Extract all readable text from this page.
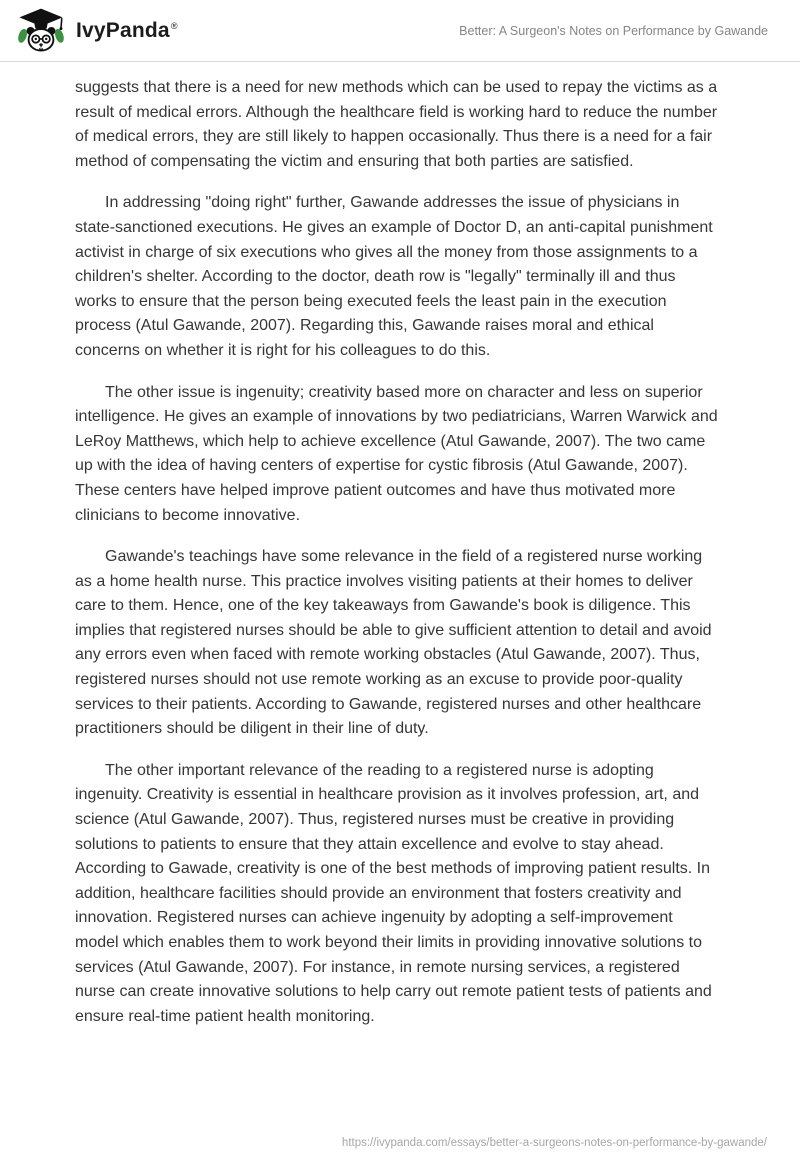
IvyPanda®	Better: A Surgeon's Notes on Performance by Gawande

suggests that there is a need for new methods which can be used to repay the victims as a result of medical errors. Although the healthcare field is working hard to reduce the number of medical errors, they are still likely to happen occasionally. Thus there is a need for a fair method of compensating the victim and ensuring that both parties are satisfied.

In addressing "doing right" further, Gawande addresses the issue of physicians in state-sanctioned executions. He gives an example of Doctor D, an anti-capital punishment activist in charge of six executions who gives all the money from those assignments to a children's shelter. According to the doctor, death row is "legally" terminally ill and thus works to ensure that the person being executed feels the least pain in the execution process (Atul Gawande, 2007). Regarding this, Gawande raises moral and ethical concerns on whether it is right for his colleagues to do this.

The other issue is ingenuity; creativity based more on character and less on superior intelligence. He gives an example of innovations by two pediatricians, Warren Warwick and LeRoy Matthews, which help to achieve excellence (Atul Gawande, 2007). The two came up with the idea of having centers of expertise for cystic fibrosis (Atul Gawande, 2007). These centers have helped improve patient outcomes and have thus motivated more clinicians to become innovative.

Gawande's teachings have some relevance in the field of a registered nurse working as a home health nurse. This practice involves visiting patients at their homes to deliver care to them. Hence, one of the key takeaways from Gawande's book is diligence. This implies that registered nurses should be able to give sufficient attention to detail and avoid any errors even when faced with remote working obstacles (Atul Gawande, 2007). Thus, registered nurses should not use remote working as an excuse to provide poor-quality services to their patients. According to Gawande, registered nurses and other healthcare practitioners should be diligent in their line of duty.

The other important relevance of the reading to a registered nurse is adopting ingenuity. Creativity is essential in healthcare provision as it involves profession, art, and science (Atul Gawande, 2007). Thus, registered nurses must be creative in providing solutions to patients to ensure that they attain excellence and evolve to stay ahead. According to Gawade, creativity is one of the best methods of improving patient results. In addition, healthcare facilities should provide an environment that fosters creativity and innovation. Registered nurses can achieve ingenuity by adopting a self-improvement model which enables them to work beyond their limits in providing innovative solutions to services (Atul Gawande, 2007). For instance, in remote nursing services, a registered nurse can create innovative solutions to help carry out remote patient tests of patients and ensure real-time patient health monitoring.

https://ivypanda.com/essays/better-a-surgeons-notes-on-performance-by-gawande/
